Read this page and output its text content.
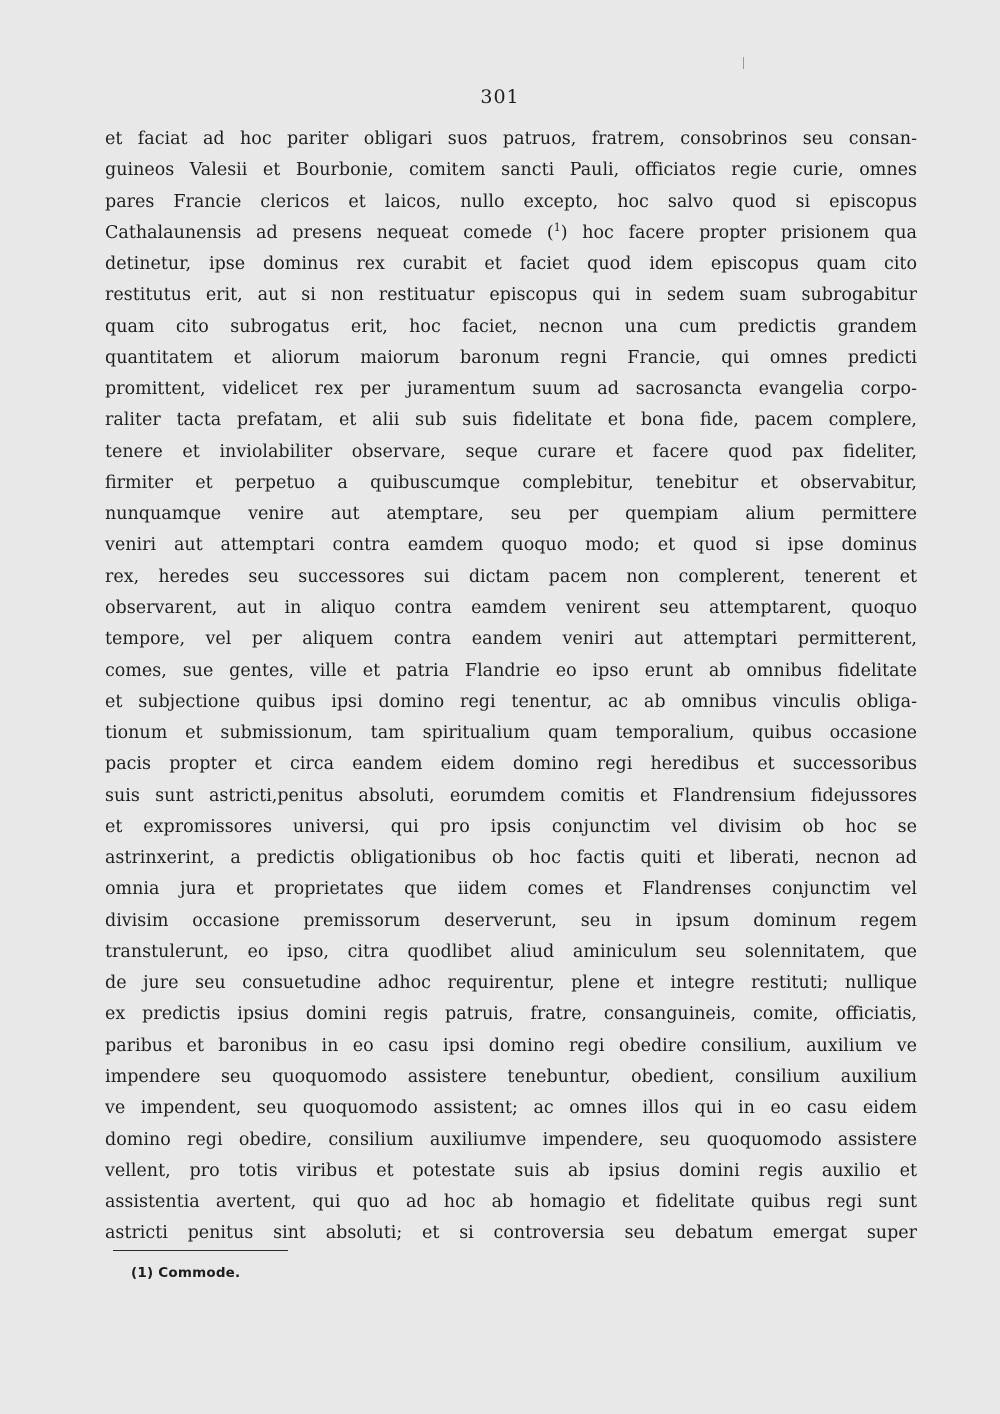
301
et faciat ad hoc pariter obligari suos patruos, fratrem, consobrinos seu consan-
guineos Valesii et Bourbonie, comitem sancti Pauli, officiatos regie curie, omnes
pares Francie clericos et laicos, nullo excepto, hoc salvo quod si episcopus
Cathalaunensis ad presens nequeat comede ($^1$) hoc facere propter prisionem qua
detinetur, ipse dominus rex curabit et faciet quod idem episcopus quam cito
restitutus erit, aut si non restituatur episcopus qui in sedem suam subrogabitur
quam cito subrogatus erit, hoc faciet, necnon una cum predictis grandem
quantitatem et aliorum maiorum baronum regni Francie, qui omnes predicti
promittent, videlicet rex per juramentum suum ad sacrosancta evangelia corpo-
raliter tacta prefatam, et alii sub suis fidelitate et bona fide, pacem complere,
tenere et inviolabiliter observare, seque curare et facere quod pax fideliter,
firmiter et perpetuo a quibuscumque complebitur, tenebitur et observabitur,
nunquamque venire aut atemptare, seu per quempiam alium permittere
veniri aut attemptari contra eamdem quoquo modo; et quod si ipse dominus
rex, heredes seu successores sui dictam pacem non complerent, tenerent et
observarent, aut in aliquo contra eamdem venirent seu attemptarent, quoquo
tempore, vel per aliquem contra eandem veniri aut attemptari permitterent,
comes, sue gentes, ville et patria Flandrie eo ipso erunt ab omnibus fidelitate
et subjectione quibus ipsi domino regi tenentur, ac ab omnibus vinculis obliga-
tionum et submissionum, tam spiritualium quam temporalium, quibus occasione
pacis propter et circa eandem eidem domino regi heredibus et successoribus
suis sunt astricti,penitus absoluti, eorumdem comitis et Flandrensium fidejussores
et expromissores universi, qui pro ipsis conjunctim vel divisim ob hoc se
astrinxerint, a predictis obligationibus ob hoc factis quiti et liberati, necnon ad
omnia jura et proprietates que iidem comes et Flandrenses conjunctim vel
divisim occasione premissorum deserverunt, seu in ipsum dominum regem
transtulerunt, eo ipso, citra quodlibet aliud aminiculum seu solennitatem, que
de jure seu consuetudine adhoc requirentur, plene et integre restituti; nullique
ex predictis ipsius domini regis patruis, fratre, consanguineis, comite, officiatis,
paribus et baronibus in eo casu ipsi domino regi obedire consilium, auxilium ve
impendere seu quoquomodo assistere tenebuntur, obedient, consilium auxilium
ve impendent, seu quoquomodo assistent; ac omnes illos qui in eo casu eidem
domino regi obedire, consilium auxiliumve impendere, seu quoquomodo assistere
vellent, pro totis viribus et potestate suis ab ipsius domini regis auxilio et
assistentia avertent, qui quo ad hoc ab homagio et fidelitate quibus regi sunt
astricti penitus sint absoluti; et si controversia seu debatum emergat super
(1) Commode.
